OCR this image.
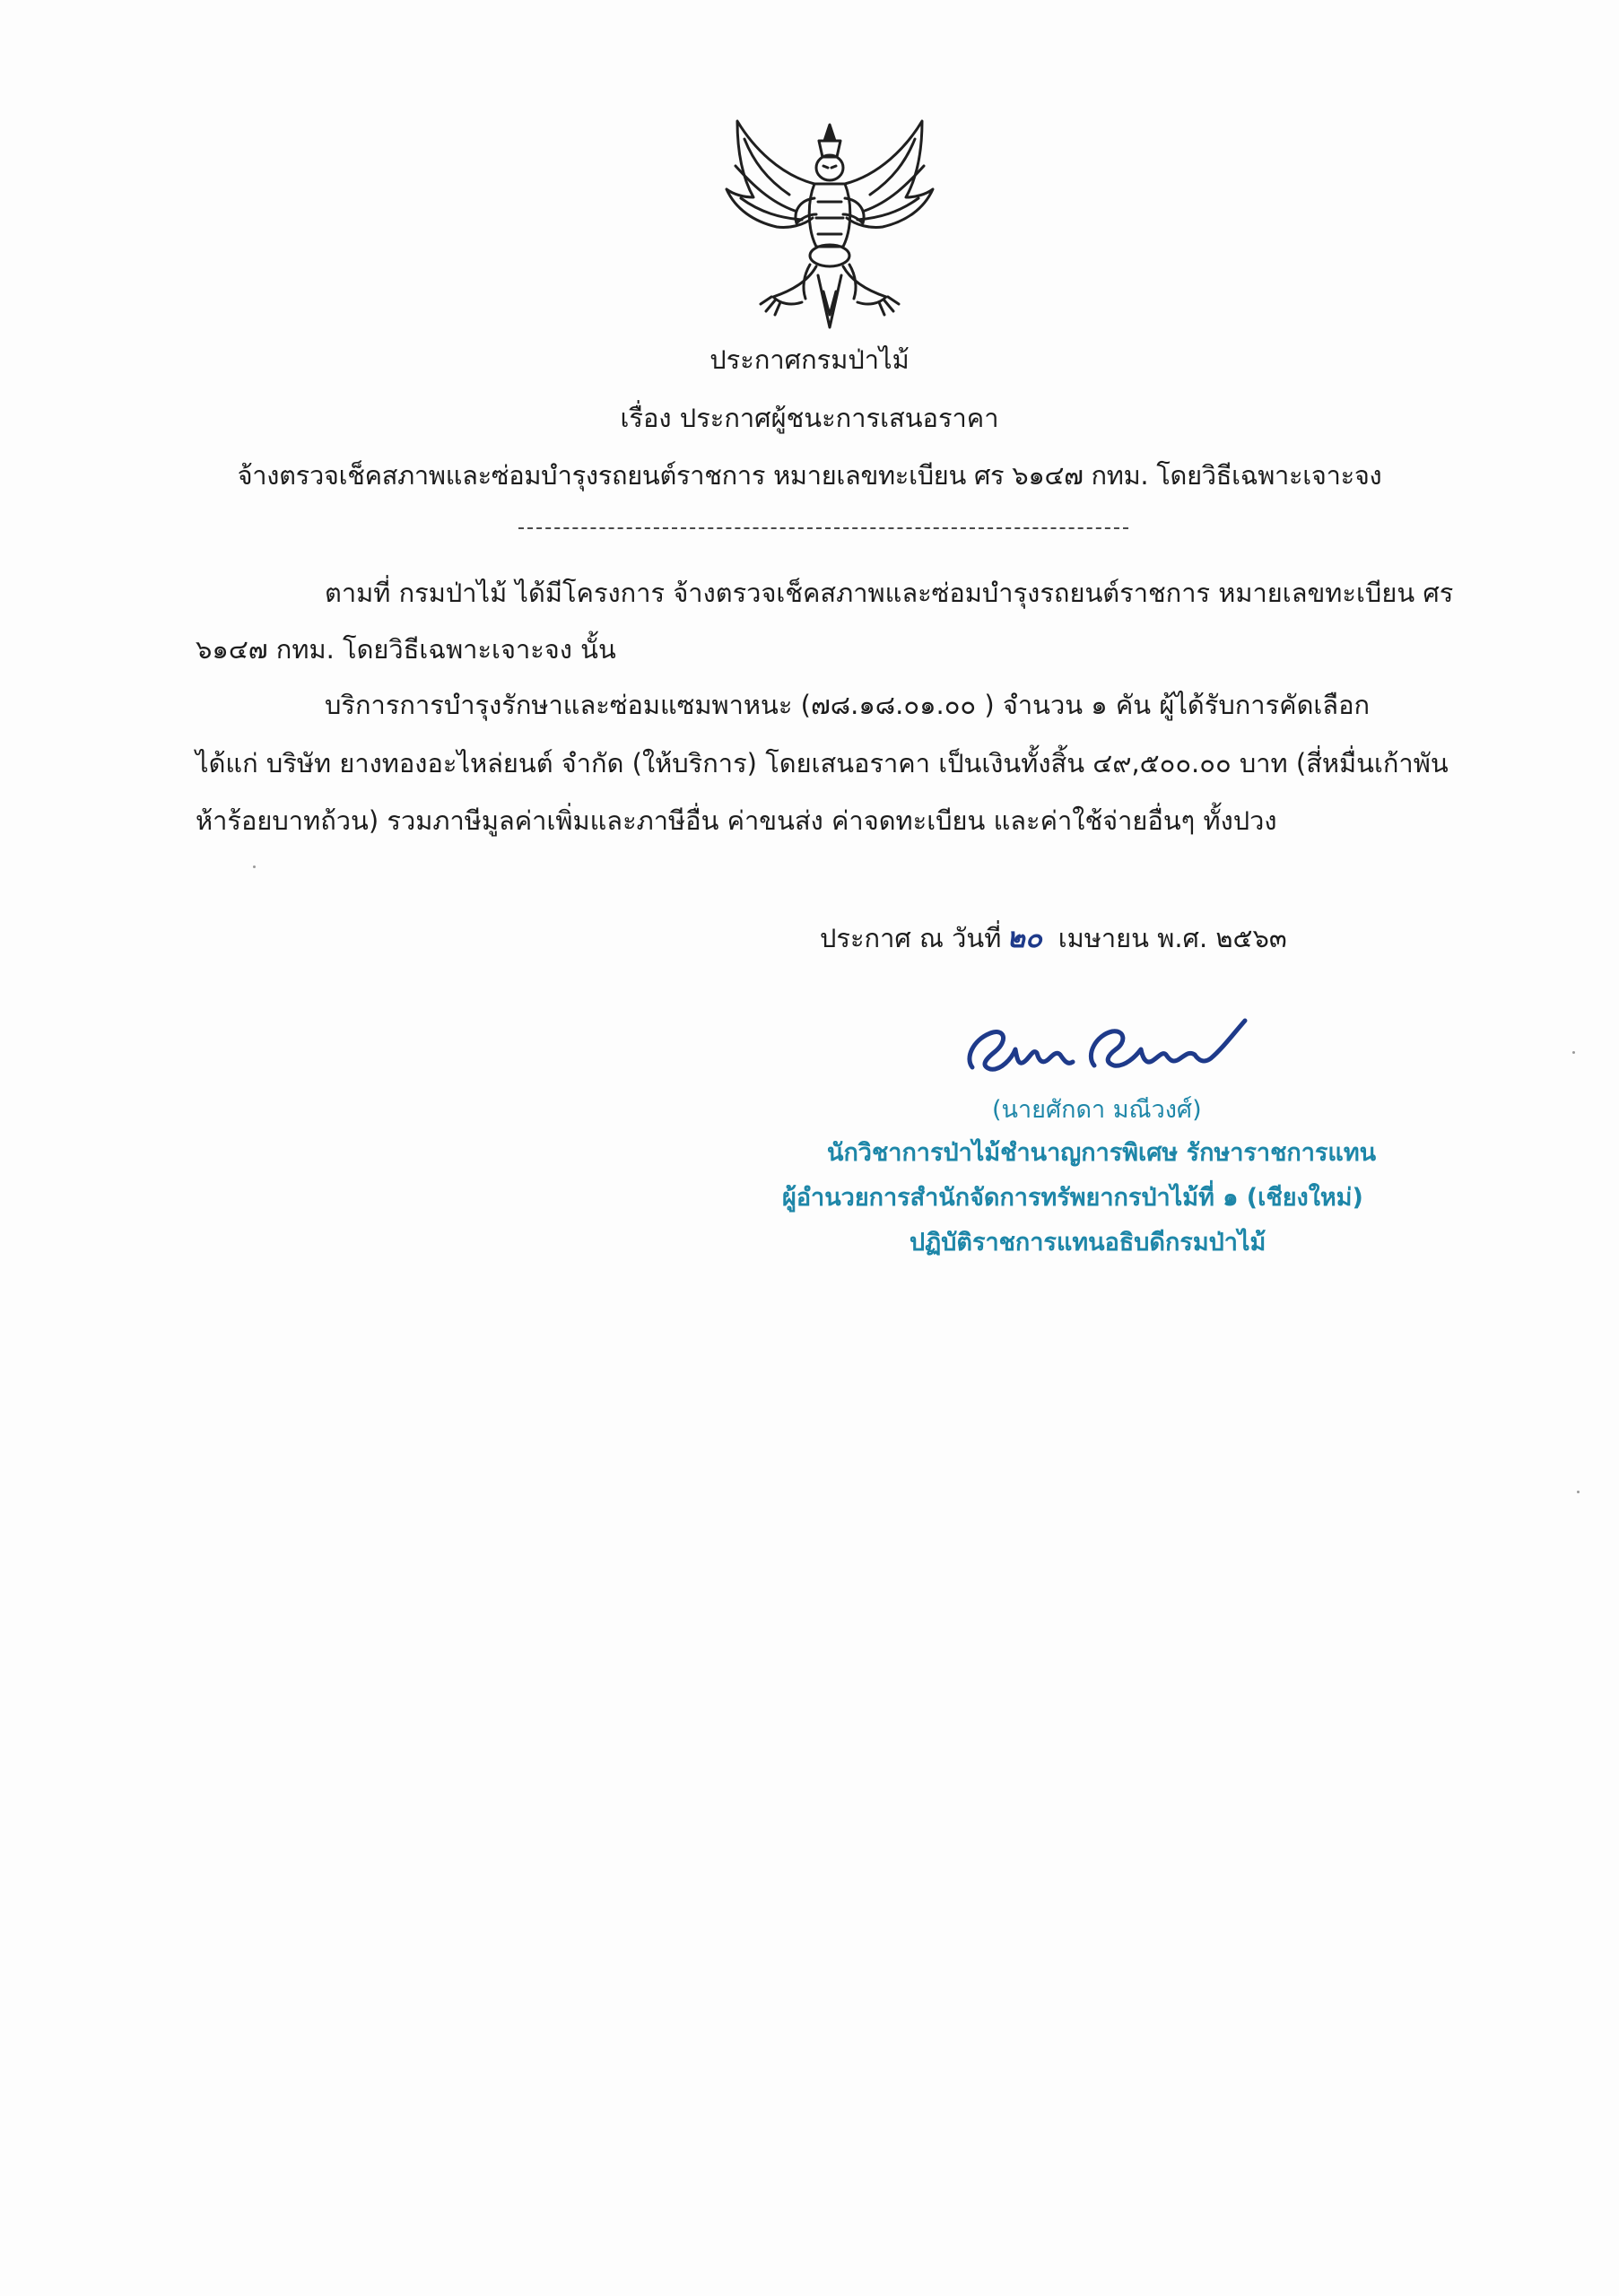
ประกาศกรมป่าไม้
เรื่อง ประกาศผู้ชนะการเสนอราคา
จ้างตรวจเช็คสภาพและซ่อมบำรุงรถยนต์ราชการ หมายเลขทะเบียน ศร ๖๑๔๗ กทม. โดยวิธีเฉพาะเจาะจง
ตามที่ กรมป่าไม้ ได้มีโครงการ จ้างตรวจเช็คสภาพและซ่อมบำรุงรถยนต์ราชการ หมายเลขทะเบียน ศร
๖๑๔๗ กทม. โดยวิธีเฉพาะเจาะจง นั้น
บริการการบำรุงรักษาและซ่อมแซมพาหนะ (๗๘.๑๘.๐๑.๐๐ ) จำนวน ๑ คัน ผู้ได้รับการคัดเลือก
ได้แก่ บริษัท ยางทองอะไหล่ยนต์ จำกัด (ให้บริการ) โดยเสนอราคา เป็นเงินทั้งสิ้น ๔๙,๕๐๐.๐๐ บาท (สี่หมื่นเก้าพัน
ห้าร้อยบาทถ้วน) รวมภาษีมูลค่าเพิ่มและภาษีอื่น ค่าขนส่ง ค่าจดทะเบียน และค่าใช้จ่ายอื่นๆ ทั้งปวง
ประกาศ ณ วันที่ ๒๐ เมษายน พ.ศ. ๒๕๖๓
(นายศักดา มณีวงศ์)
นักวิชาการป่าไม้ชำนาญการพิเศษ รักษาราชการแทน
ผู้อำนวยการสำนักจัดการทรัพยากรป่าไม้ที่ ๑ (เชียงใหม่)
ปฏิบัติราชการแทนอธิบดีกรมป่าไม้
